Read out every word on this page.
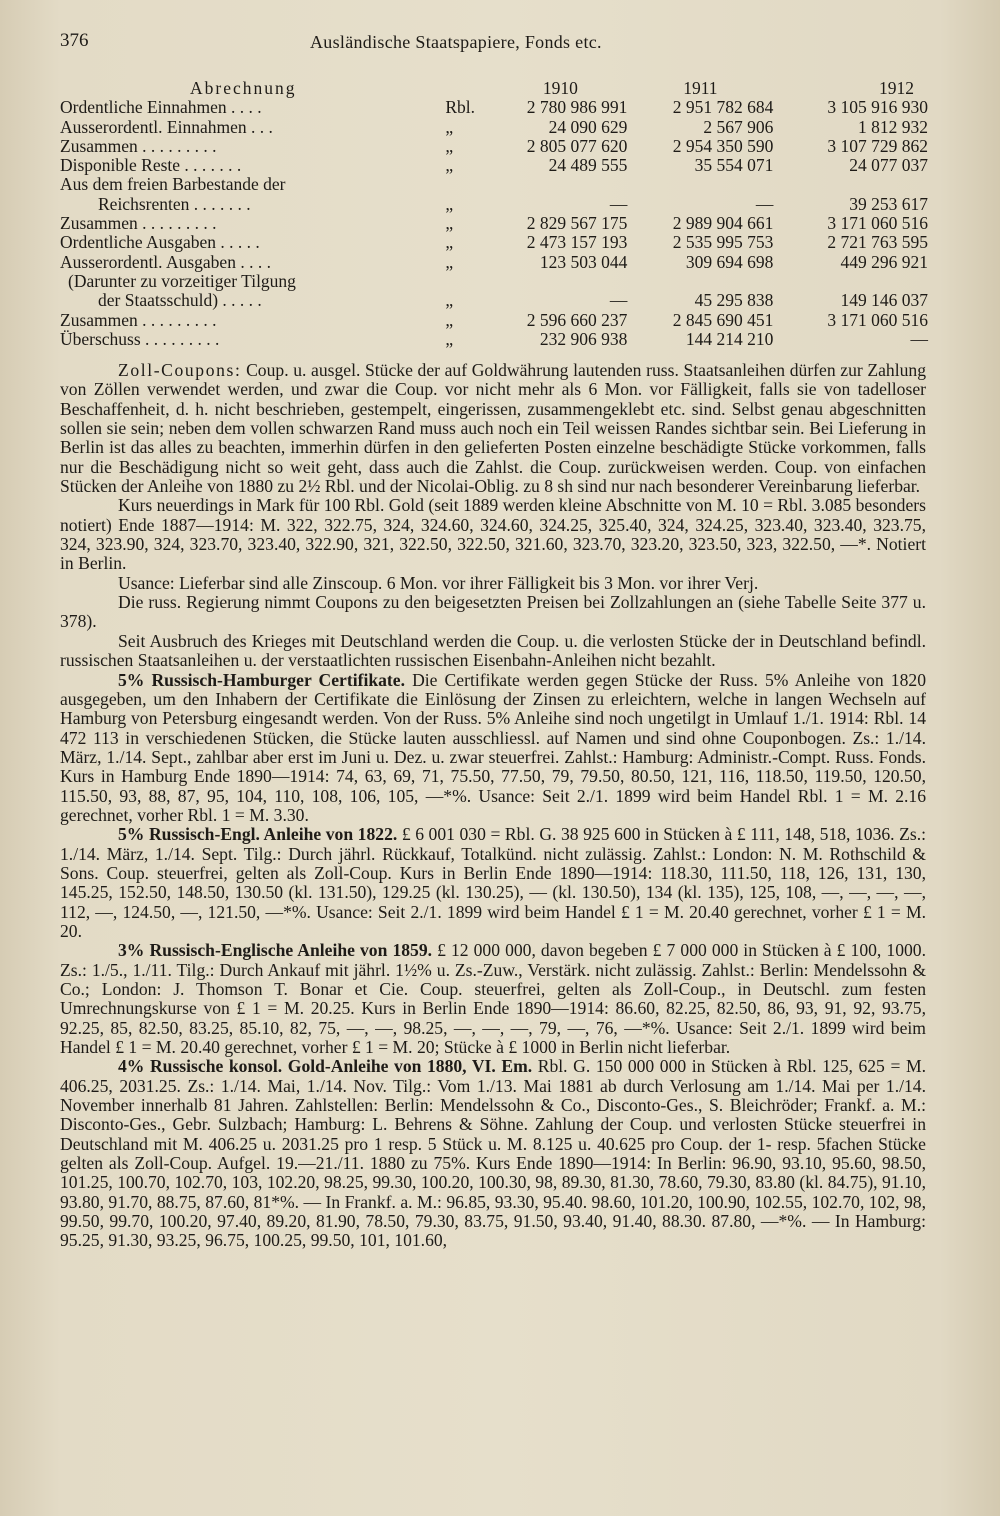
376	Ausländische Staatspapiere, Fonds etc.
Abrechnung		1910	1911	1912
Ordentliche Einnahmen . . . .	Rbl.	2 780 986 991	2 951 782 684	3 105 916 930
Ausserordentl. Einnahmen . . .	„	24 090 629	2 567 906	1 812 932
Zusammen . . . . . . . . .	„	2 805 077 620	2 954 350 590	3 107 729 862
Disponible Reste . . . . . . .	„	24 489 555	35 554 071	24 077 037
Aus dem freien Barbestande der				
Reichsrenten . . . . . . .	„	—	—	39 253 617
Zusammen . . . . . . . . .	„	2 829 567 175	2 989 904 661	3 171 060 516
Ordentliche Ausgaben . . . . .	„	2 473 157 193	2 535 995 753	2 721 763 595
Ausserordentl. Ausgaben . . . .	„	123 503 044	309 694 698	449 296 921
(Darunter zu vorzeitiger Tilgung				
der Staatsschuld) . . . . .	„	—	45 295 838	149 146 037
Zusammen . . . . . . . . .	„	2 596 660 237	2 845 690 451	3 171 060 516
Überschuss . . . . . . . . .	„	232 906 938	144 214 210	—

Zoll-Coupons: Coup. u. ausgel. Stücke der auf Goldwährung lautenden russ. Staatsanleihen dürfen zur Zahlung von Zöllen verwendet werden, und zwar die Coup. vor nicht mehr als 6 Mon. vor Fälligkeit, falls sie von tadelloser Beschaffenheit, d. h. nicht beschrieben, gestempelt, eingerissen, zusammengeklebt etc. sind. Selbst genau abgeschnitten sollen sie sein; neben dem vollen schwarzen Rand muss auch noch ein Teil weissen Randes sichtbar sein. Bei Lieferung in Berlin ist das alles zu beachten, immerhin dürfen in den gelieferten Posten einzelne beschädigte Stücke vorkommen, falls nur die Beschädigung nicht so weit geht, dass auch die Zahlst. die Coup. zurückweisen werden. Coup. von einfachen Stücken der Anleihe von 1880 zu 2½ Rbl. und der Nicolai-Oblig. zu 8 sh sind nur nach besonderer Vereinbarung lieferbar.

Kurs neuerdings in Mark für 100 Rbl. Gold (seit 1889 werden kleine Abschnitte von M. 10 = Rbl. 3.085 besonders notiert) Ende 1887—1914: M. 322, 322.75, 324, 324.60, 324.60, 324.25, 325.40, 324, 324.25, 323.40, 323.40, 323.75, 324, 323.90, 324, 323.70, 323.40, 322.90, 321, 322.50, 322.50, 321.60, 323.70, 323.20, 323.50, 323, 322.50, —*. Notiert in Berlin.

Usance: Lieferbar sind alle Zinscoup. 6 Mon. vor ihrer Fälligkeit bis 3 Mon. vor ihrer Verj.

Die russ. Regierung nimmt Coupons zu den beigesetzten Preisen bei Zollzahlungen an (siehe Tabelle Seite 377 u. 378).

Seit Ausbruch des Krieges mit Deutschland werden die Coup. u. die verlosten Stücke der in Deutschland befindl. russischen Staatsanleihen u. der verstaatlichten russischen Eisenbahn-Anleihen nicht bezahlt.

5% Russisch-Hamburger Certifikate. Die Certifikate werden gegen Stücke der Russ. 5% Anleihe von 1820 ausgegeben, um den Inhabern der Certifikate die Einlösung der Zinsen zu erleichtern, welche in langen Wechseln auf Hamburg von Petersburg eingesandt werden. Von der Russ. 5% Anleihe sind noch ungetilgt in Umlauf 1./1. 1914: Rbl. 14 472 113 in verschiedenen Stücken, die Stücke lauten ausschliessl. auf Namen und sind ohne Couponbogen. Zs.: 1./14. März, 1./14. Sept., zahlbar aber erst im Juni u. Dez. u. zwar steuerfrei. Zahlst.: Hamburg: Administr.-Compt. Russ. Fonds. Kurs in Hamburg Ende 1890—1914: 74, 63, 69, 71, 75.50, 77.50, 79, 79.50, 80.50, 121, 116, 118.50, 119.50, 120.50, 115.50, 93, 88, 87, 95, 104, 110, 108, 106, 105, —*%. Usance: Seit 2./1. 1899 wird beim Handel Rbl. 1 = M. 2.16 gerechnet, vorher Rbl. 1 = M. 3.30.

5% Russisch-Engl. Anleihe von 1822. £ 6 001 030 = Rbl. G. 38 925 600 in Stücken à £ 111, 148, 518, 1036. Zs.: 1./14. März, 1./14. Sept. Tilg.: Durch jährl. Rückkauf, Totalkünd. nicht zulässig. Zahlst.: London: N. M. Rothschild & Sons. Coup. steuerfrei, gelten als Zoll-Coup. Kurs in Berlin Ende 1890—1914: 118.30, 111.50, 118, 126, 131, 130, 145.25, 152.50, 148.50, 130.50 (kl. 131.50), 129.25 (kl. 130.25), — (kl. 130.50), 134 (kl. 135), 125, 108, —, —, —, —, 112, —, 124.50, —, 121.50, —*%. Usance: Seit 2./1. 1899 wird beim Handel £ 1 = M. 20.40 gerechnet, vorher £ 1 = M. 20.

3% Russisch-Englische Anleihe von 1859. £ 12 000 000, davon begeben £ 7 000 000 in Stücken à £ 100, 1000. Zs.: 1./5., 1./11. Tilg.: Durch Ankauf mit jährl. 1½% u. Zs.-Zuw., Verstärk. nicht zulässig. Zahlst.: Berlin: Mendelssohn & Co.; London: J. Thomson T. Bonar et Cie. Coup. steuerfrei, gelten als Zoll-Coup., in Deutschl. zum festen Umrechnungskurse von £ 1 = M. 20.25. Kurs in Berlin Ende 1890—1914: 86.60, 82.25, 82.50, 86, 93, 91, 92, 93.75, 92.25, 85, 82.50, 83.25, 85.10, 82, 75, —, —, 98.25, —, —, —, 79, —, 76, —*%. Usance: Seit 2./1. 1899 wird beim Handel £ 1 = M. 20.40 gerechnet, vorher £ 1 = M. 20; Stücke à £ 1000 in Berlin nicht lieferbar.

4% Russische konsol. Gold-Anleihe von 1880, VI. Em. Rbl. G. 150 000 000 in Stücken à Rbl. 125, 625 = M. 406.25, 2031.25. Zs.: 1./14. Mai, 1./14. Nov. Tilg.: Vom 1./13. Mai 1881 ab durch Verlosung am 1./14. Mai per 1./14. November innerhalb 81 Jahren. Zahlstellen: Berlin: Mendelssohn & Co., Disconto-Ges., S. Bleichröder; Frankf. a. M.: Disconto-Ges., Gebr. Sulzbach; Hamburg: L. Behrens & Söhne. Zahlung der Coup. und verlosten Stücke steuerfrei in Deutschland mit M. 406.25 u. 2031.25 pro 1 resp. 5 Stück u. M. 8.125 u. 40.625 pro Coup. der 1- resp. 5fachen Stücke gelten als Zoll-Coup. Aufgel. 19.—21./11. 1880 zu 75%. Kurs Ende 1890—1914: In Berlin: 96.90, 93.10, 95.60, 98.50, 101.25, 100.70, 102.70, 103, 102.20, 98.25, 99.30, 100.20, 100.30, 98, 89.30, 81.30, 78.60, 79.30, 83.80 (kl. 84.75), 91.10, 93.80, 91.70, 88.75, 87.60, 81*%. — In Frankf. a. M.: 96.85, 93.30, 95.40. 98.60, 101.20, 100.90, 102.55, 102.70, 102, 98, 99.50, 99.70, 100.20, 97.40, 89.20, 81.90, 78.50, 79.30, 83.75, 91.50, 93.40, 91.40, 88.30. 87.80, —*%. — In Hamburg: 95.25, 91.30, 93.25, 96.75, 100.25, 99.50, 101, 101.60,
